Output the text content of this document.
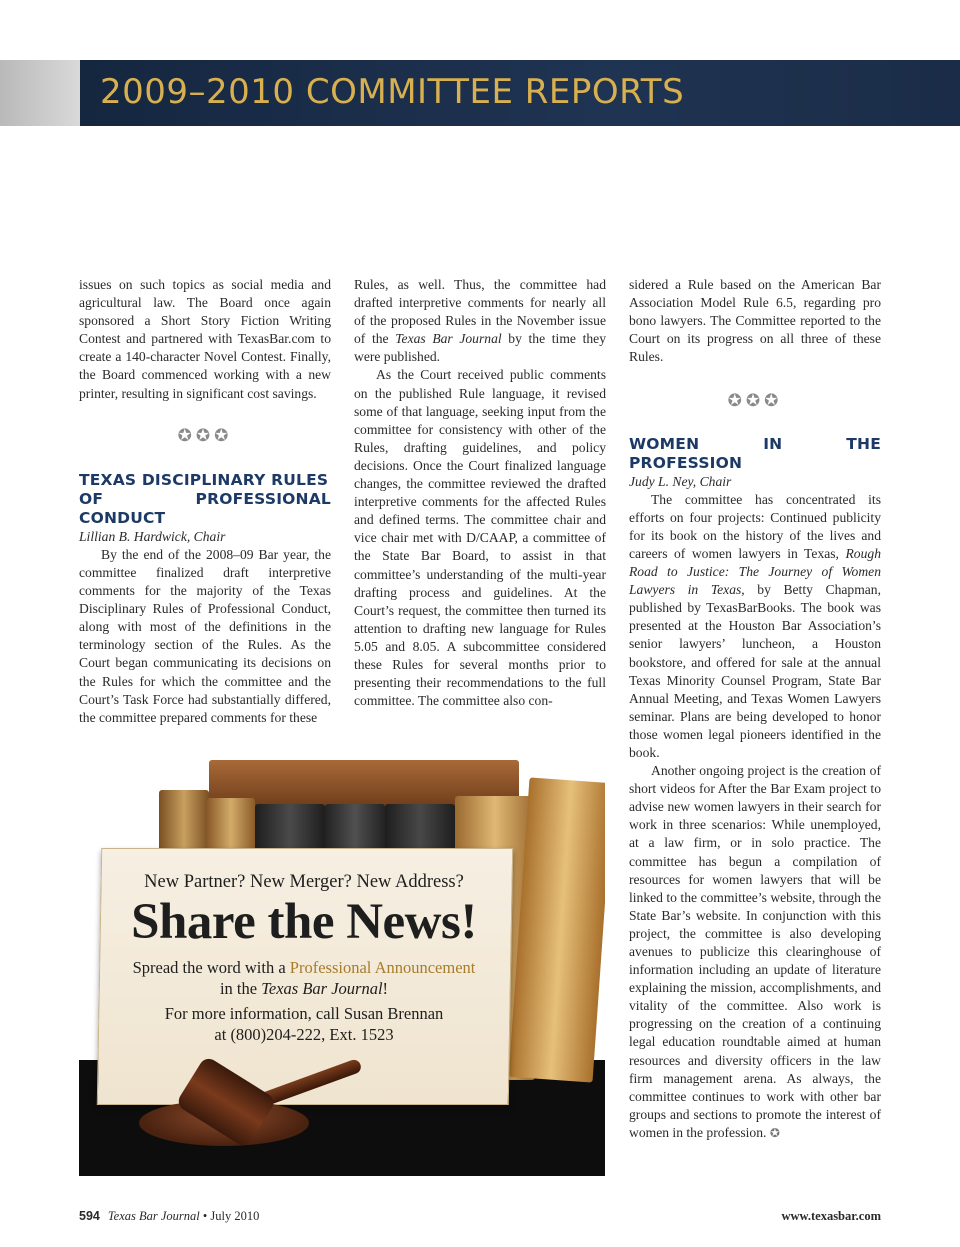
2009–2010 COMMITTEE REPORTS

issues on such topics as social media and agricultural law. The Board once again sponsored a Short Story Fiction Writing Contest and partnered with TexasBar.com to create a 140-character Novel Contest. Finally, the Board commenced working with a new printer, resulting in significant cost savings.

✪✪✪
TEXAS DISCIPLINARY RULES
OF PROFESSIONAL CONDUCT

Lillian B. Hardwick, Chair

By the end of the 2008–09 Bar year, the committee finalized draft interpretive comments for the majority of the Texas Disciplinary Rules of Professional Conduct, along with most of the definitions in the terminology section of the Rules. As the Court began communicating its decisions on the Rules for which the committee and the Court’s Task Force had substantially differed, the committee prepared comments for these

Rules, as well. Thus, the committee had drafted interpretive comments for nearly all of the proposed Rules in the November issue of the Texas Bar Journal by the time they were published.

As the Court received public comments on the published Rule language, it revised some of that language, seeking input from the committee for consistency with other of the Rules, drafting guidelines, and policy decisions. Once the Court finalized language changes, the committee reviewed the drafted interpretive comments for the affected Rules and defined terms. The committee chair and vice chair met with D/CAAP, a committee of the State Bar Board, to assist in that committee’s understanding of the multi-year drafting process and guidelines. At the Court’s request, the committee then turned its attention to drafting new language for Rules 5.05 and 8.05. A subcommittee considered these Rules for several months prior to presenting their recommendations to the full committee. The committee also con-

sidered a Rule based on the American Bar Association Model Rule 6.5, regarding pro bono lawyers. The Committee reported to the Court on its progress on all three of these Rules.

✪✪✪
WOMEN IN THE PROFESSION

Judy L. Ney, Chair

The committee has concentrated its efforts on four projects: Continued publicity for its book on the history of the lives and careers of women lawyers in Texas, Rough Road to Justice: The Journey of Women Lawyers in Texas, by Betty Chapman, published by TexasBarBooks. The book was presented at the Houston Bar Association’s senior lawyers’ luncheon, a Houston bookstore, and offered for sale at the annual Texas Minority Counsel Program, State Bar Annual Meeting, and Texas Women Lawyers seminar. Plans are being developed to honor those women legal pioneers identified in the book.

Another ongoing project is the creation of short videos for After the Bar Exam project to advise new women lawyers in their search for work in three scenarios: While unemployed, at a law firm, or in solo practice. The committee has begun a compilation of resources for women lawyers that will be linked to the committee’s website, through the State Bar’s website. In conjunction with this project, the committee is also developing avenues to publicize this clearinghouse of information including an update of literature explaining the mission, accomplishments, and vitality of the committee. Also work is progressing on the creation of a continuing legal education roundtable aimed at human resources and diversity officers in the law firm management arena. As always, the committee continues to work with other bar groups and sections to promote the interest of women in the profession. ✪

New Partner? New Merger? New Address?
Share the News!
Spread the word with a Professional Announcement
in the Texas Bar Journal!
For more information, call Susan Brennan
at (800)204-222, Ext. 1523
594 Texas Bar Journal • July 2010	www.texasbar.com
